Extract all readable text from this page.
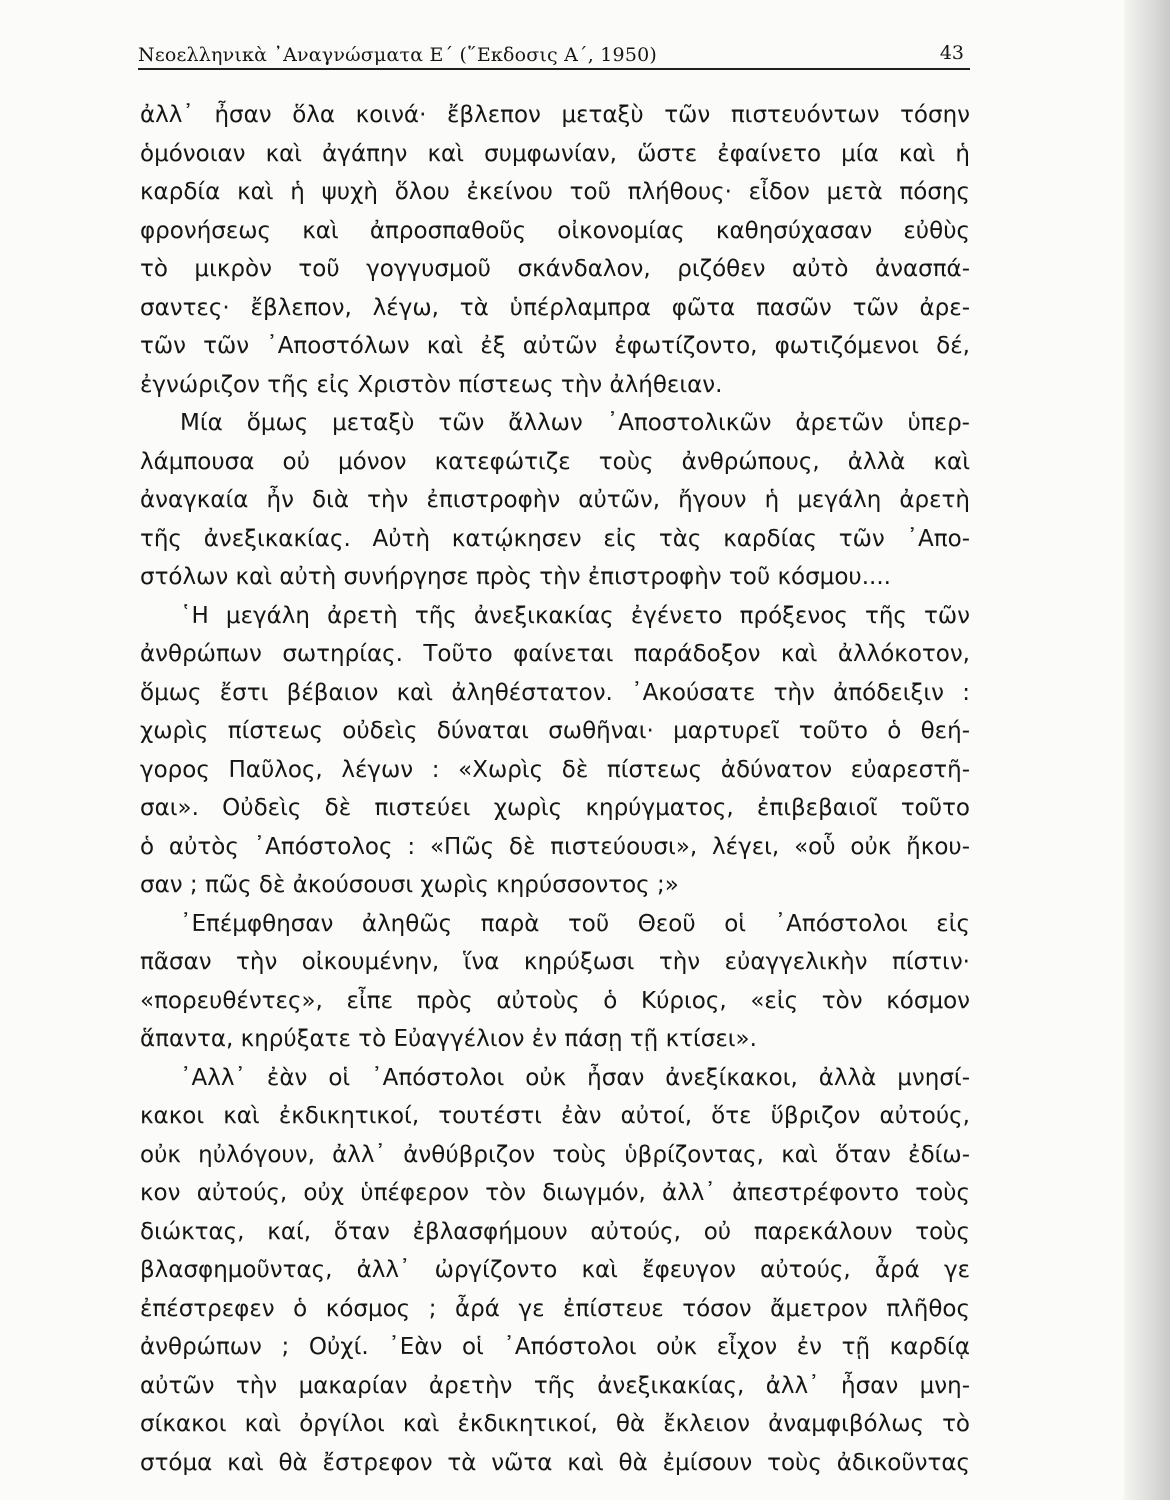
Νεοελληνικὰ ᾿Αναγνώσματα Ε΄ (῞Εκδοσις Α΄, 1950)	43
ἀλλ᾿ ἦσαν ὅλα κοινά· ἔβλεπον μεταξὺ τῶν πιστευόντων τόσην
ὁμόνοιαν καὶ ἀγάπην καὶ συμφωνίαν, ὥστε ἐφαίνετο μία καὶ ἡ
καρδία καὶ ἡ ψυχὴ ὅλου ἐκείνου τοῦ πλήθους· εἶδον μετὰ πόσης
φρονήσεως καὶ ἀπροσπαθοῦς οἰκονομίας καθησύχασαν εὐθὺς
τὸ μικρὸν τοῦ γογγυσμοῦ σκάνδαλον, ριζόθεν αὐτὸ ἀνασπά-
σαντες· ἔβλεπον, λέγω, τὰ ὑπέρλαμπρα φῶτα πασῶν τῶν ἀρε-
τῶν τῶν ᾿Αποστόλων καὶ ἐξ αὐτῶν ἐφωτίζοντο, φωτιζόμενοι δέ,
ἐγνώριζον τῆς εἰς Χριστὸν πίστεως τὴν ἀλήθειαν.
Μία ὅμως μεταξὺ τῶν ἄλλων ᾿Αποστολικῶν ἀρετῶν ὑπερ-
λάμπουσα οὐ μόνον κατεφώτιζε τοὺς ἀνθρώπους, ἀλλὰ καὶ
ἀναγκαία ἦν διὰ τὴν ἐπιστροφὴν αὐτῶν, ἤγουν ἡ μεγάλη ἀρετὴ
τῆς ἀνεξικακίας. Αὐτὴ κατῴκησεν εἰς τὰς καρδίας τῶν ᾿Απο-
στόλων καὶ αὐτὴ συνήργησε πρὸς τὴν ἐπιστροφὴν τοῦ κόσμου....
῾Η μεγάλη ἀρετὴ τῆς ἀνεξικακίας ἐγένετο πρόξενος τῆς τῶν
ἀνθρώπων σωτηρίας. Τοῦτο φαίνεται παράδοξον καὶ ἀλλόκοτον,
ὅμως ἔστι βέβαιον καὶ ἀληθέστατον. ᾿Ακούσατε τὴν ἀπόδειξιν :
χωρὶς πίστεως οὐδεὶς δύναται σωθῆναι· μαρτυρεῖ τοῦτο ὁ θεή-
γορος Παῦλος, λέγων : «Χωρὶς δὲ πίστεως ἀδύνατον εὐαρεστῆ-
σαι». Οὐδεὶς δὲ πιστεύει χωρὶς κηρύγματος, ἐπιβεβαιοῖ τοῦτο
ὁ αὐτὸς ᾿Απόστολος : «Πῶς δὲ πιστεύουσι», λέγει, «οὗ οὐκ ἤκου-
σαν ; πῶς δὲ ἀκούσουσι χωρὶς κηρύσσοντος ;»
᾿Επέμφθησαν ἀληθῶς παρὰ τοῦ Θεοῦ οἱ ᾿Απόστολοι εἰς
πᾶσαν τὴν οἰκουμένην, ἵνα κηρύξωσι τὴν εὐαγγελικὴν πίστιν·
«πορευθέντες», εἶπε πρὸς αὐτοὺς ὁ Κύριος, «εἰς τὸν κόσμον
ἅπαντα, κηρύξατε τὸ Εὐαγγέλιον ἐν πάσῃ τῇ κτίσει».
᾿Αλλ᾿ ἐὰν οἱ ᾿Απόστολοι οὐκ ἦσαν ἀνεξίκακοι, ἀλλὰ μνησί-
κακοι καὶ ἐκδικητικοί, τουτέστι ἐὰν αὐτοί, ὅτε ὕβριζον αὐτούς,
οὐκ ηὐλόγουν, ἀλλ᾿ ἀνθύβριζον τοὺς ὑβρίζοντας, καὶ ὅταν ἐδίω-
κον αὐτούς, οὐχ ὑπέφερον τὸν διωγμόν, ἀλλ᾿ ἀπεστρέφοντο τοὺς
διώκτας, καί, ὅταν ἐβλασφήμουν αὐτούς, οὐ παρεκάλουν τοὺς
βλασφημοῦντας, ἀλλ᾿ ὠργίζοντο καὶ ἔφευγον αὐτούς, ἆρά γε
ἐπέστρεφεν ὁ κόσμος ; ἆρά γε ἐπίστευε τόσον ἄμετρον πλῆθος
ἀνθρώπων ; Οὐχί. ᾿Εὰν οἱ ᾿Απόστολοι οὐκ εἶχον ἐν τῇ καρδίᾳ
αὐτῶν τὴν μακαρίαν ἀρετὴν τῆς ἀνεξικακίας, ἀλλ᾿ ἦσαν μνη-
σίκακοι καὶ ὀργίλοι καὶ ἐκδικητικοί, θὰ ἔκλειον ἀναμφιβόλως τὸ
στόμα καὶ θὰ ἔστρεφον τὰ νῶτα καὶ θὰ ἐμίσουν τοὺς ἀδικοῦντας
